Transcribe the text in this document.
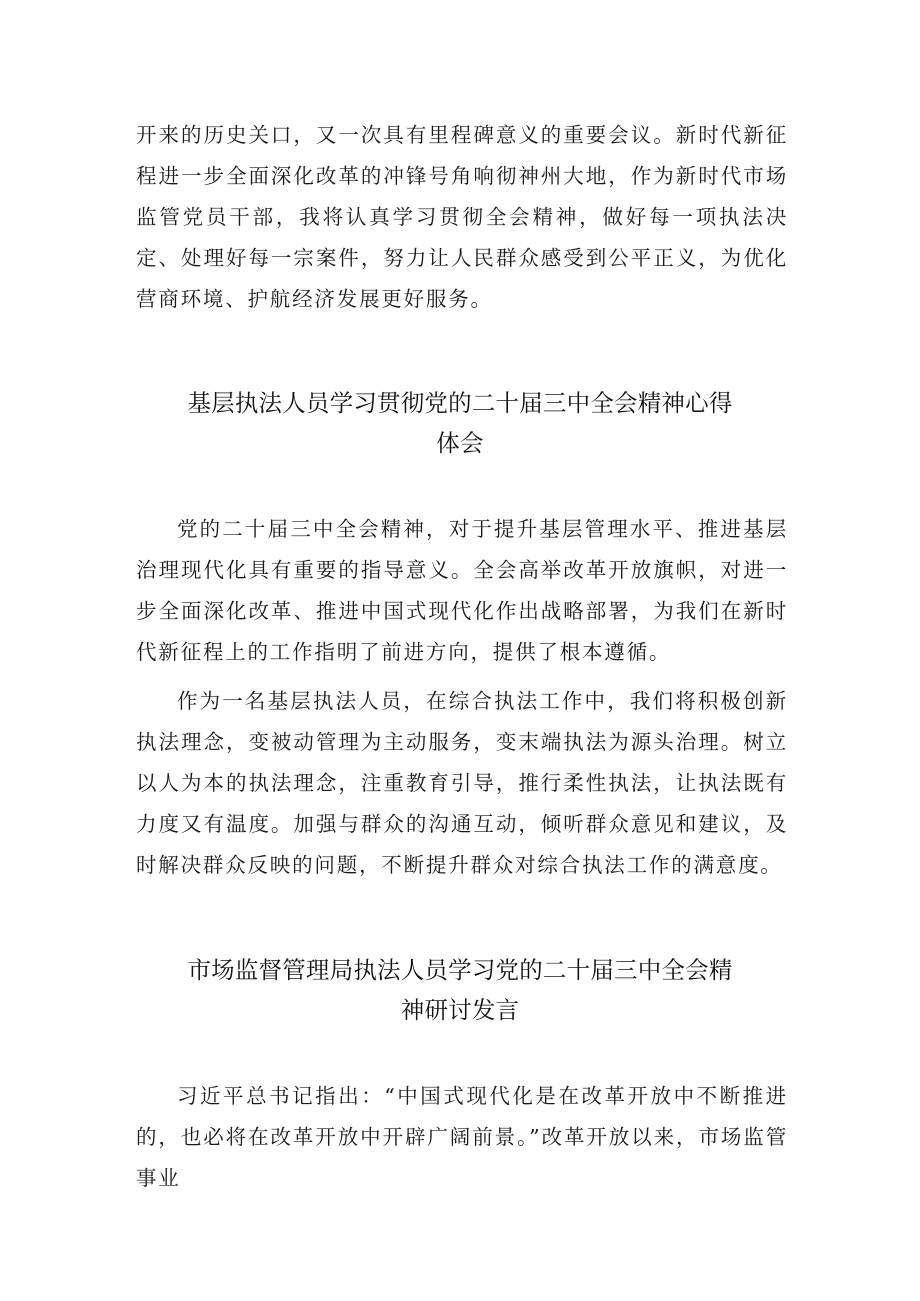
开来的历史关口，又一次具有里程碑意义的重要会议。新时代新征程进一步全面深化改革的冲锋号角响彻神州大地，作为新时代市场监管党员干部，我将认真学习贯彻全会精神，做好每一项执法决定、处理好每一宗案件，努力让人民群众感受到公平正义，为优化营商环境、护航经济发展更好服务。

基层执法人员学习贯彻党的二十届三中全会精神心得
体会

党的二十届三中全会精神，对于提升基层管理水平、推进基层治理现代化具有重要的指导意义。全会高举改革开放旗帜，对进一步全面深化改革、推进中国式现代化作出战略部署，为我们在新时代新征程上的工作指明了前进方向，提供了根本遵循。

作为一名基层执法人员，在综合执法工作中，我们将积极创新执法理念，变被动管理为主动服务，变末端执法为源头治理。树立以人为本的执法理念，注重教育引导，推行柔性执法，让执法既有力度又有温度。加强与群众的沟通互动，倾听群众意见和建议，及时解决群众反映的问题，不断提升群众对综合执法工作的满意度。

市场监督管理局执法人员学习党的二十届三中全会精
神研讨发言

习近平总书记指出：“中国式现代化是在改革开放中不断推进的，也必将在改革开放中开辟广阔前景。”改革开放以来，市场监管事业
